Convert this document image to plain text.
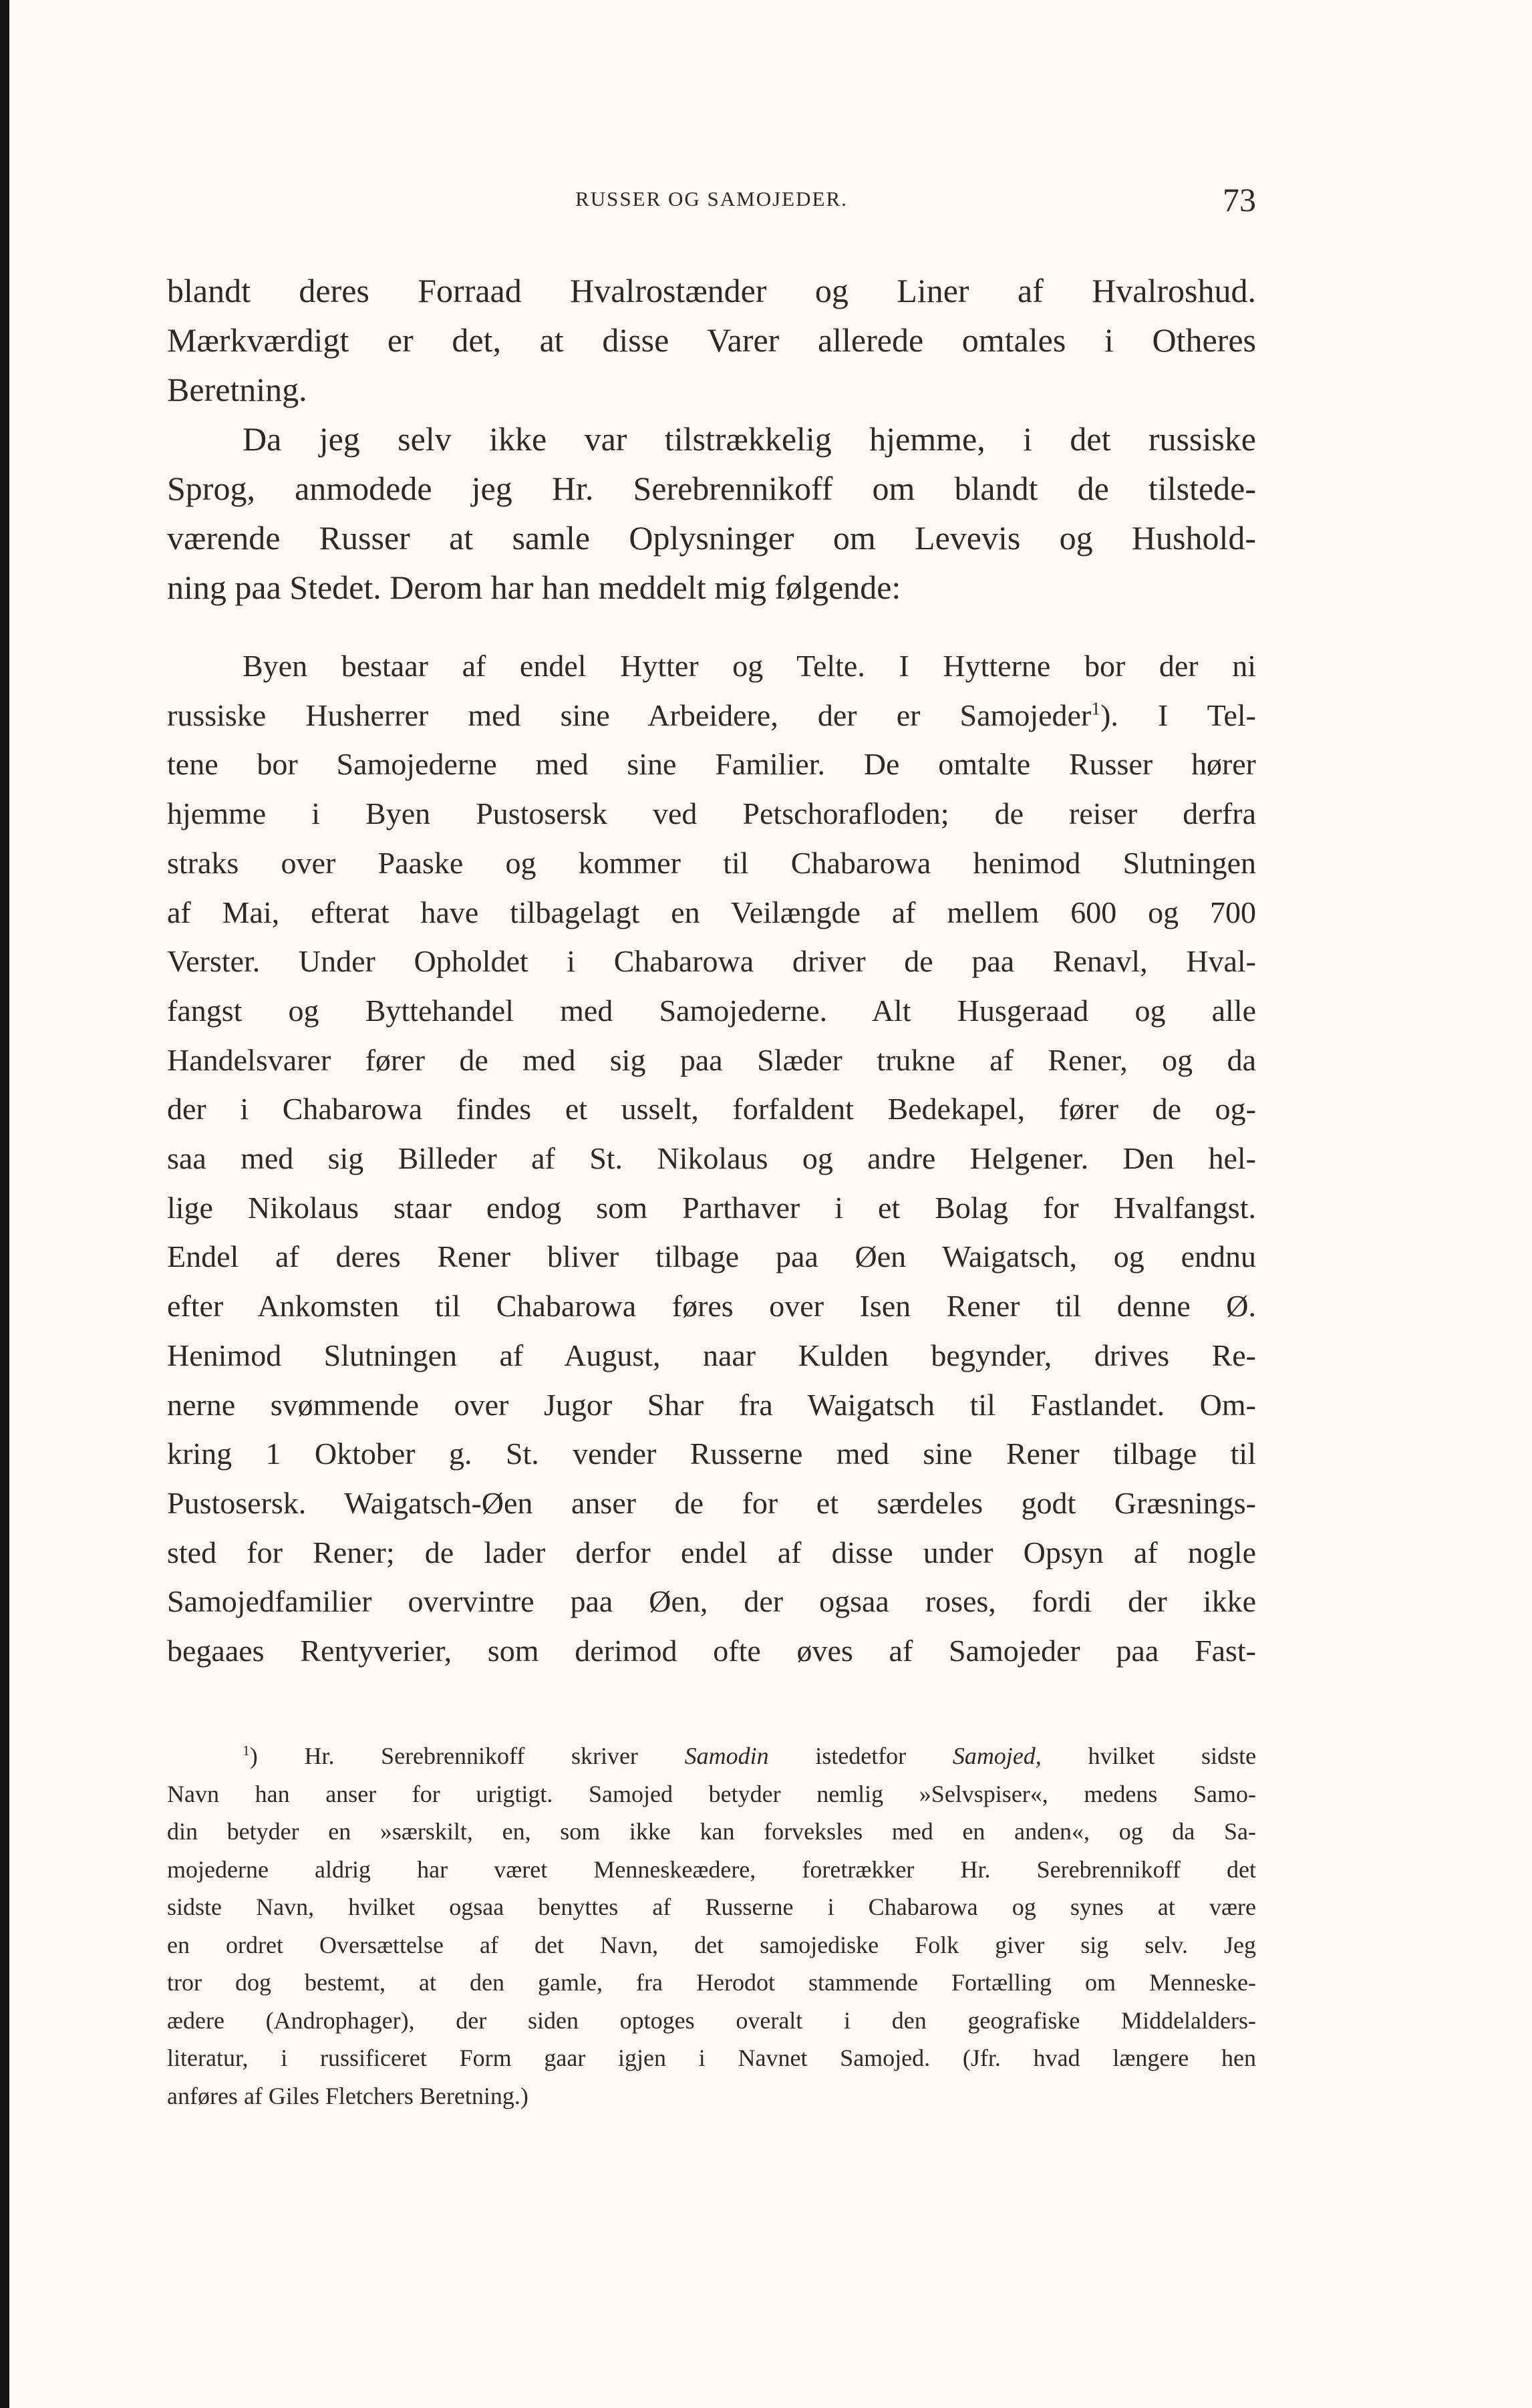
RUSSER OG SAMOJEDER.	73
blandt deres Forraad Hvalrostænder og Liner af Hvalroshud.
Mærkværdigt er det, at disse Varer allerede omtales i Otheres
Beretning.
Da jeg selv ikke var tilstrækkelig hjemme, i det russiske
Sprog, anmodede jeg Hr. Serebrennikoff om blandt de tilstede-
værende Russer at samle Oplysninger om Levevis og Hushold-
ning paa Stedet. Derom har han meddelt mig følgende:
Byen bestaar af endel Hytter og Telte. I Hytterne bor der ni
russiske Husherrer med sine Arbeidere, der er Samojeder$^1$). I Tel-
tene bor Samojederne med sine Familier. De omtalte Russer hører
hjemme i Byen Pustosersk ved Petschorafloden; de reiser derfra
straks over Paaske og kommer til Chabarowa henimod Slutningen
af Mai, efterat have tilbagelagt en Veilængde af mellem 600 og 700
Verster. Under Opholdet i Chabarowa driver de paa Renavl, Hval-
fangst og Byttehandel med Samojederne. Alt Husgeraad og alle
Handelsvarer fører de med sig paa Slæder trukne af Rener, og da
der i Chabarowa findes et usselt, forfaldent Bedekapel, fører de og-
saa med sig Billeder af St. Nikolaus og andre Helgener. Den hel-
lige Nikolaus staar endog som Parthaver i et Bolag for Hvalfangst.
Endel af deres Rener bliver tilbage paa Øen Waigatsch, og endnu
efter Ankomsten til Chabarowa føres over Isen Rener til denne Ø.
Henimod Slutningen af August, naar Kulden begynder, drives Re-
nerne svømmende over Jugor Shar fra Waigatsch til Fastlandet. Om-
kring 1 Oktober g. St. vender Russerne med sine Rener tilbage til
Pustosersk. Waigatsch-Øen anser de for et særdeles godt Græsnings-
sted for Rener; de lader derfor endel af disse under Opsyn af nogle
Samojedfamilier overvintre paa Øen, der ogsaa roses, fordi der ikke
begaaes Rentyverier, som derimod ofte øves af Samojeder paa Fast-
$^1$) Hr. Serebrennikoff skriver Samodin istedetfor Samojed, hvilket sidste
Navn han anser for urigtigt. Samojed betyder nemlig »Selvspiser«, medens Samo-
din betyder en »særskilt, en, som ikke kan forveksles med en anden«, og da Sa-
mojederne aldrig har været Menneskeædere, foretrækker Hr. Serebrennikoff det
sidste Navn, hvilket ogsaa benyttes af Russerne i Chabarowa og synes at være
en ordret Oversættelse af det Navn, det samojediske Folk giver sig selv. Jeg
tror dog bestemt, at den gamle, fra Herodot stammende Fortælling om Menneske-
ædere (Androphager), der siden optoges overalt i den geografiske Middelalders-
literatur, i russificeret Form gaar igjen i Navnet Samojed. (Jfr. hvad længere hen
anføres af Giles Fletchers Beretning.)
